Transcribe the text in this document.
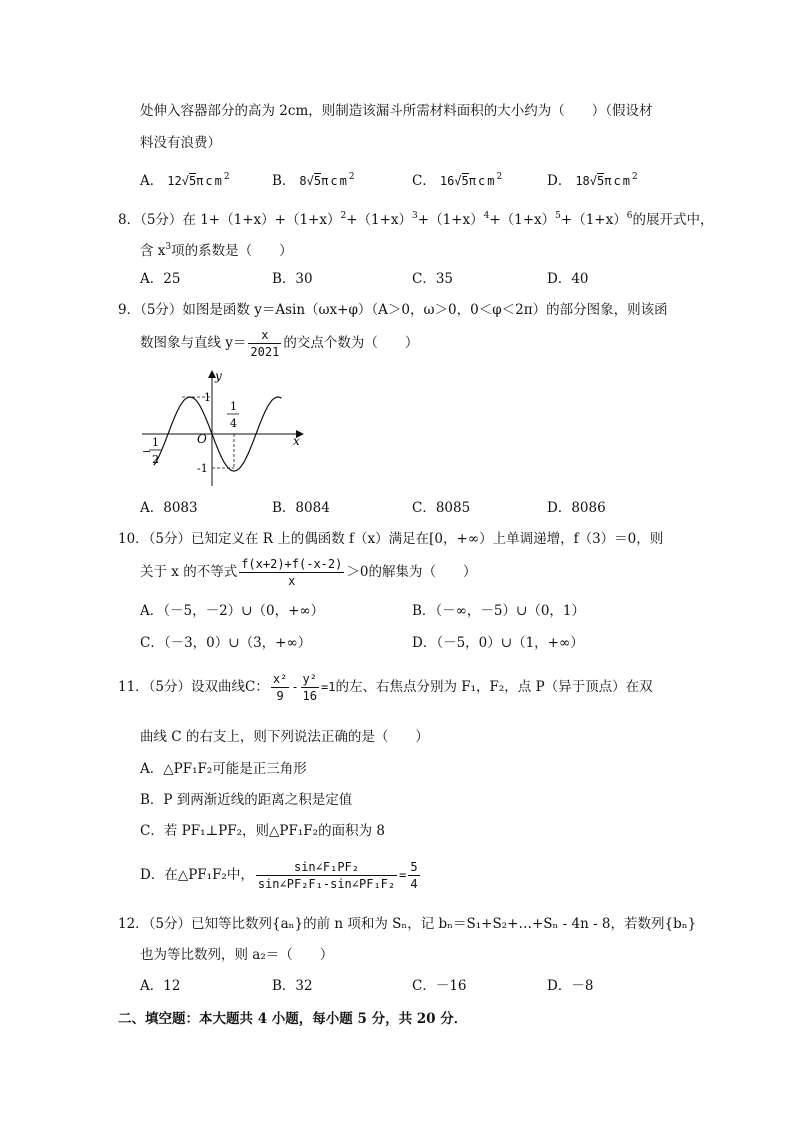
处伸入容器部分的高为 2cm，则制造该漏斗所需材料面积的大小约为（　　）（假设材
料没有浪费）
A． 12√5πcm$^2$	B． 8√5πcm$^2$	C． 16√5πcm$^2$	D． 18√5πcm$^2$
8．（5分）在 $1+(1+x)+(1+x)^2+(1+x)^3+(1+x)^4+(1+x)^5+(1+x)^6$的展开式中，
含 $x^3$项的系数是（　　）
A．25	B．30	C．35	D．40
9．（5分）如图是函数 y＝Asin（ωx+φ）（A＞0，ω＞0，0＜φ＜2π）的部分图象，则该函
数图象与直线 $y= \frac{x}{2021}$ 的交点个数为（　　）
y
x
O
1
-1
1
4
−
1
2
A．8083	B．8084	C．8085	D．8086
10．（5分）已知定义在 R 上的偶函数 f（x）满足在[0，+∞）上单调递增，f（3）＝0，则
关于 x 的不等式 $\frac{f(x+2)+f(-x-2)}{x} >0$的解集为（　　）
A．（－5，－2）∪（0，+∞）	B．（－∞，－5）∪（0，1）
C．（－3，0）∪（3，+∞）	D．（－5，0）∪（1，+∞）
11．（5分）设双曲线C： $\frac{\text{x²}}{9} - \frac{\text{y²}}{16} =1$的左、右焦点分别为 F₁，F₂，点 P（异于顶点）在双
曲线 C 的右支上，则下列说法正确的是（　　）
A．△PF₁F₂可能是正三角形
B．P 到两渐近线的距离之积是定值
C．若 PF₁⊥PF₂，则△PF₁F₂的面积为 8
D．在△PF₁F₂中， $\frac{\text{sin∠F₁PF₂}}{\text{sin∠PF₂F₁-sin∠PF₁F₂}} = \frac{5}{4}$
12．（5分）已知等比数列{aₙ}的前 n 项和为 Sₙ，记 bₙ＝S₁+S₂+…+Sₙ - 4n - 8，若数列{bₙ}
也为等比数列，则 a₂＝（　　）
A．12	B．32	C．－16	D．－8
二、填空题：本大题共 4 小题，每小题 5 分，共 20 分．
